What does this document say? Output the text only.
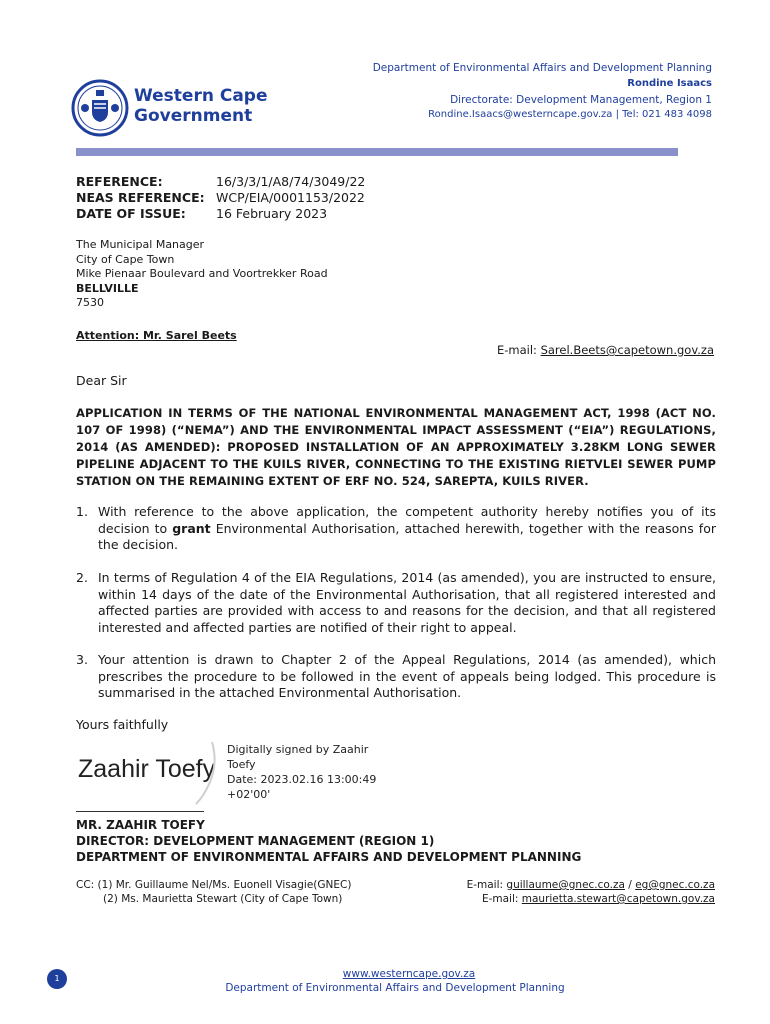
Western Cape
Government
Department of Environmental Affairs and Development Planning
Rondine Isaacs
Directorate: Development Management, Region 1
Rondine.Isaacs@westerncape.gov.za | Tel: 021 483 4098
REFERENCE:	16/3/3/1/A8/74/3049/22
NEAS REFERENCE: WCP/EIA/0001153/2022
DATE OF ISSUE: 16 February 2023
The Municipal Manager
City of Cape Town
Mike Pienaar Boulevard and Voortrekker Road
BELLVILLE
7530
Attention: Mr. Sarel Beets
E-mail: Sarel.Beets@capetown.gov.za
Dear Sir
APPLICATION IN TERMS OF THE NATIONAL ENVIRONMENTAL MANAGEMENT ACT, 1998 (ACT NO. 107 OF 1998) (“NEMA”) AND THE ENVIRONMENTAL IMPACT ASSESSMENT (“EIA”) REGULATIONS, 2014 (AS AMENDED): PROPOSED INSTALLATION OF AN APPROXIMATELY 3.28KM LONG SEWER PIPELINE ADJACENT TO THE KUILS RIVER, CONNECTING TO THE EXISTING RIETVLEI SEWER PUMP STATION ON THE REMAINING EXTENT OF ERF NO. 524, SAREPTA, KUILS RIVER.
1. With reference to the above application, the competent authority hereby notifies you of its decision to grant Environmental Authorisation, attached herewith, together with the reasons for the decision.
2. In terms of Regulation 4 of the EIA Regulations, 2014 (as amended), you are instructed to ensure, within 14 days of the date of the Environmental Authorisation, that all registered interested and affected parties are provided with access to and reasons for the decision, and that all registered interested and affected parties are notified of their right to appeal.
3. Your attention is drawn to Chapter 2 of the Appeal Regulations, 2014 (as amended), which prescribes the procedure to be followed in the event of appeals being lodged. This procedure is summarised in the attached Environmental Authorisation.
Yours faithfully
Zaahir Toefy
Digitally signed by Zaahir
Toefy
Date: 2023.02.16 13:00:49
+02'00'
MR. ZAAHIR TOEFY
DIRECTOR: DEVELOPMENT MANAGEMENT (REGION 1)
DEPARTMENT OF ENVIRONMENTAL AFFAIRS AND DEVELOPMENT PLANNING
CC: (1) Mr. Guillaume Nel/Ms. Euonell Visagie(GNEC)
(2) Ms. Maurietta Stewart (City of Cape Town)
E-mail: guillaume@gnec.co.za / eg@gnec.co.za
E-mail: maurietta.stewart@capetown.gov.za
1	www.westerncape.gov.za
Department of Environmental Affairs and Development Planning
